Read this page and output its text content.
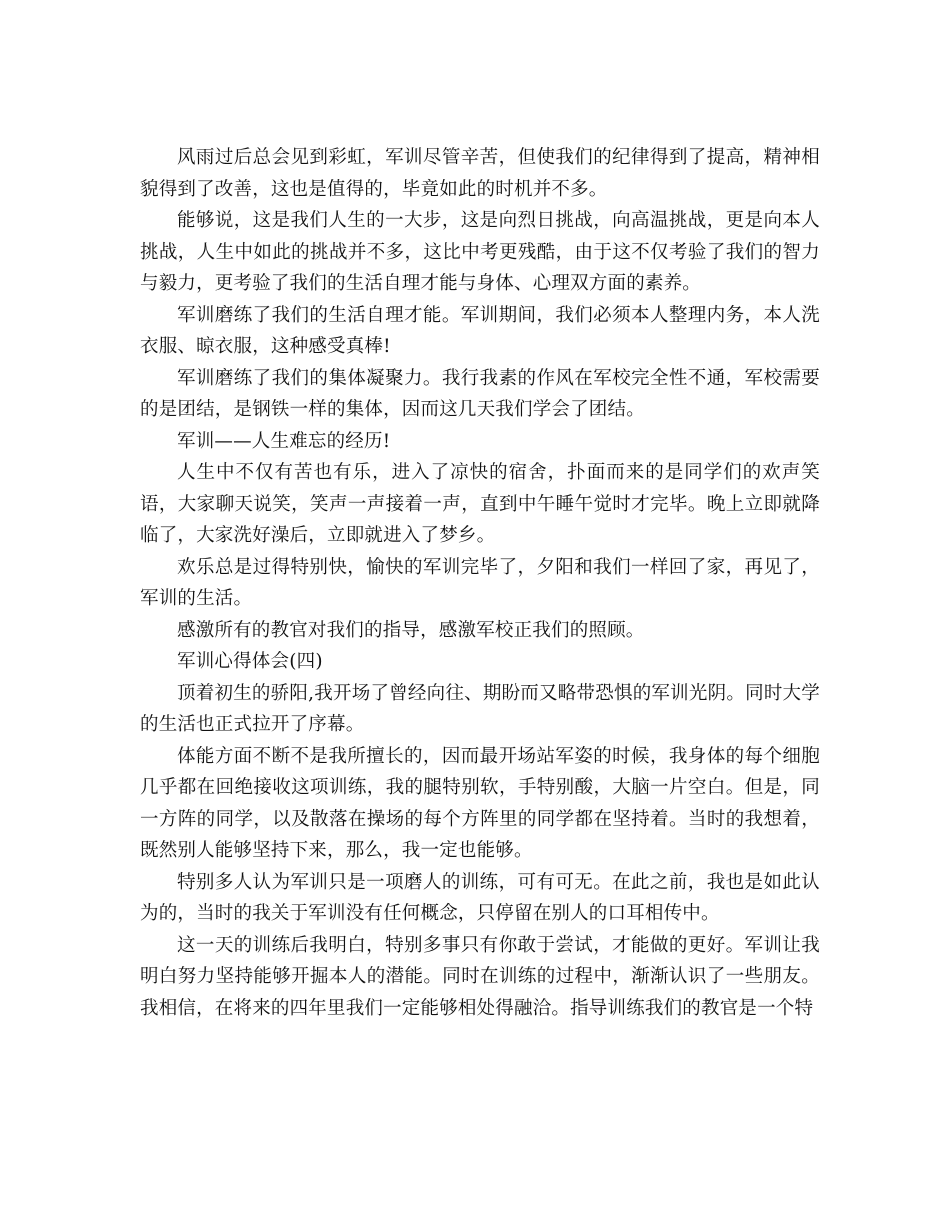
风雨过后总会见到彩虹，军训尽管辛苦，但使我们的纪律得到了提高，精神相貌得到了改善，这也是值得的，毕竟如此的时机并不多。

能够说，这是我们人生的一大步，这是向烈日挑战，向高温挑战，更是向本人挑战，人生中如此的挑战并不多，这比中考更残酷，由于这不仅考验了我们的智力与毅力，更考验了我们的生活自理才能与身体、心理双方面的素养。

军训磨练了我们的生活自理才能。军训期间，我们必须本人整理内务，本人洗衣服、晾衣服，这种感受真棒!

军训磨练了我们的集体凝聚力。我行我素的作风在军校完全性不通，军校需要的是团结，是钢铁一样的集体，因而这几天我们学会了团结。

军训——人生难忘的经历!

人生中不仅有苦也有乐，进入了凉快的宿舍，扑面而来的是同学们的欢声笑语，大家聊天说笑，笑声一声接着一声，直到中午睡午觉时才完毕。晚上立即就降临了，大家洗好澡后，立即就进入了梦乡。

欢乐总是过得特别快，愉快的军训完毕了，夕阳和我们一样回了家，再见了，军训的生活。

感激所有的教官对我们的指导，感激军校正我们的照顾。

军训心得体会(四)

顶着初生的骄阳,我开场了曾经向往、期盼而又略带恐惧的军训光阴。同时大学的生活也正式拉开了序幕。

体能方面不断不是我所擅长的，因而最开场站军姿的时候，我身体的每个细胞几乎都在回绝接收这项训练，我的腿特别软，手特别酸，大脑一片空白。但是，同一方阵的同学，以及散落在操场的每个方阵里的同学都在坚持着。当时的我想着，既然别人能够坚持下来，那么，我一定也能够。

特别多人认为军训只是一项磨人的训练，可有可无。在此之前，我也是如此认为的，当时的我关于军训没有任何概念，只停留在别人的口耳相传中。

这一天的训练后我明白，特别多事只有你敢于尝试，才能做的更好。军训让我明白努力坚持能够开掘本人的潜能。同时在训练的过程中，渐渐认识了一些朋友。我相信，在将来的四年里我们一定能够相处得融洽。指导训练我们的教官是一个特
